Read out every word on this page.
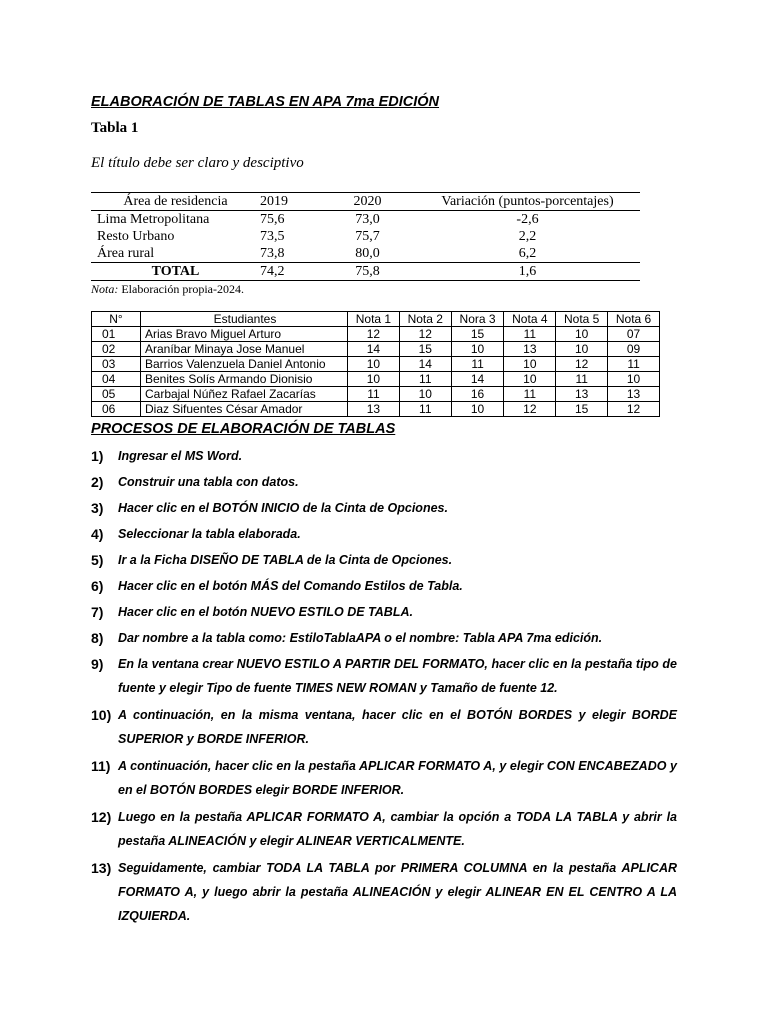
ELABORACIÓN DE TABLAS EN APA 7ma EDICIÓN
Tabla 1
El título debe ser claro y desciptivo
Área de residencia	2019	2020	Variación (puntos-porcentajes)
Lima Metropolitana	75,6	73,0	-2,6
Resto Urbano	73,5	75,7	2,2
Área rural	73,8	80,0	6,2
TOTAL	74,2	75,8	1,6
Nota: Elaboración propia-2024.
N°	Estudiantes	Nota 1	Nota 2	Nora 3	Nota 4	Nota 5	Nota 6
01	Arias Bravo Miguel Arturo	12	12	15	11	10	07
02	Araníbar Minaya Jose Manuel	14	15	10	13	10	09
03	Barrios Valenzuela Daniel Antonio	10	14	11	10	12	11
04	Benites Solís Armando Dionisio	10	11	14	10	11	10
05	Carbajal Núñez Rafael Zacarías	11	10	16	11	13	13
06	Diaz Sifuentes César Amador	13	11	10	12	15	12
PROCESOS DE ELABORACIÓN DE TABLAS
1)	Ingresar el MS Word.
2)	Construir una tabla con datos.
3)	Hacer clic en el BOTÓN INICIO de la Cinta de Opciones.
4)	Seleccionar la tabla elaborada.
5)	Ir a la Ficha DISEÑO DE TABLA de la Cinta de Opciones.
6)	Hacer clic en el botón MÁS del Comando Estilos de Tabla.
7)	Hacer clic en el botón NUEVO ESTILO DE TABLA.
8)	Dar nombre a la tabla como: EstiloTablaAPA o el nombre: Tabla APA 7ma edición.
9)	En la ventana crear NUEVO ESTILO A PARTIR DEL FORMATO, hacer clic en la pestaña tipo de fuente y elegir Tipo de fuente TIMES NEW ROMAN y Tamaño de fuente 12.
10) A continuación, en la misma ventana, hacer clic en el BOTÓN BORDES y elegir BORDE SUPERIOR y BORDE INFERIOR.
11) A continuación, hacer clic en la pestaña APLICAR FORMATO A, y elegir CON ENCABEZADO y en el BOTÓN BORDES elegir BORDE INFERIOR.
12) Luego en la pestaña APLICAR FORMATO A, cambiar la opción a TODA LA TABLA y abrir la pestaña ALINEACIÓN y elegir ALINEAR VERTICALMENTE.
13) Seguidamente, cambiar TODA LA TABLA por PRIMERA COLUMNA en la pestaña APLICAR FORMATO A, y luego abrir la pestaña ALINEACIÓN y elegir ALINEAR EN EL CENTRO A LA IZQUIERDA.
